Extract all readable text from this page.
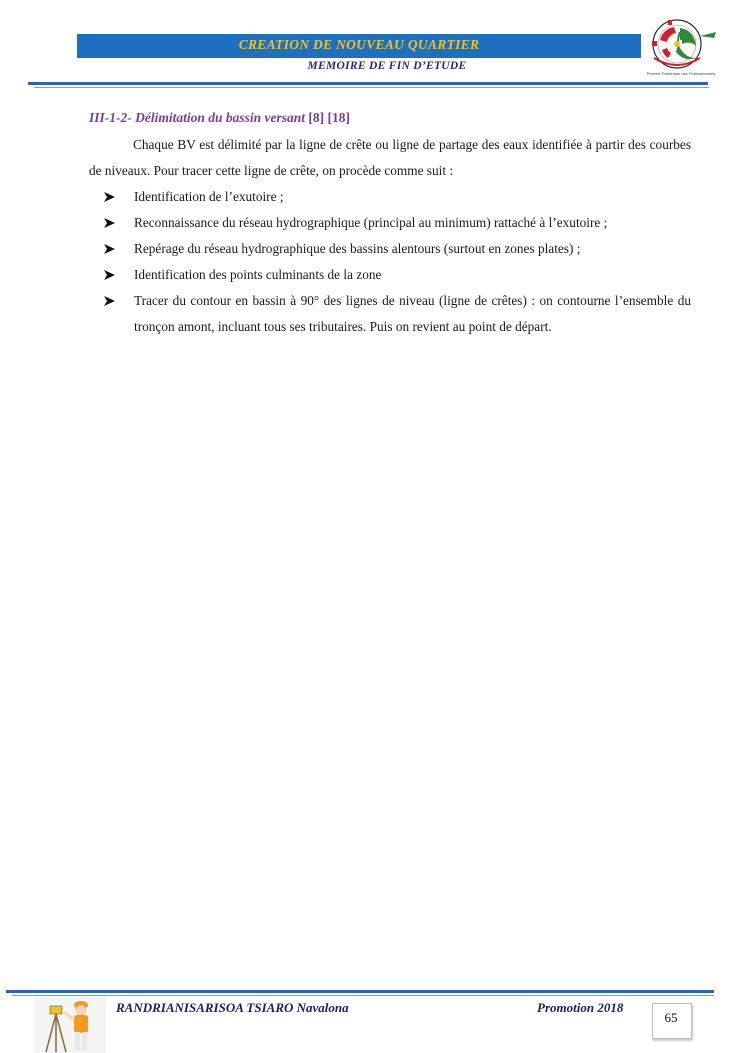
CREATION DE NOUVEAU QUARTIER
MEMOIRE DE FIN D’ETUDE
Premier Partenaire des Professionnels
III-1-2- Délimitation du bassin versant [8] [18]

Chaque BV est délimité par la ligne de crête ou ligne de partage des eaux identifiée à partir des courbes de niveaux. Pour tracer cette ligne de crête, on procède comme suit :

Identification de l’exutoire ;
Reconnaissance du réseau hydrographique (principal au minimum) rattaché à l’exutoire ;
Repérage du réseau hydrographique des bassins alentours (surtout en zones plates) ;
Identification des points culminants de la zone
Tracer du contour en bassin à 90° des lignes de niveau (ligne de crêtes) : on contourne l’ensemble du tronçon amont, incluant tous ses tributaires. Puis on revient au point de départ.
RANDRIANISARISOA TSIARO Navalona	Promotion 2018
65
